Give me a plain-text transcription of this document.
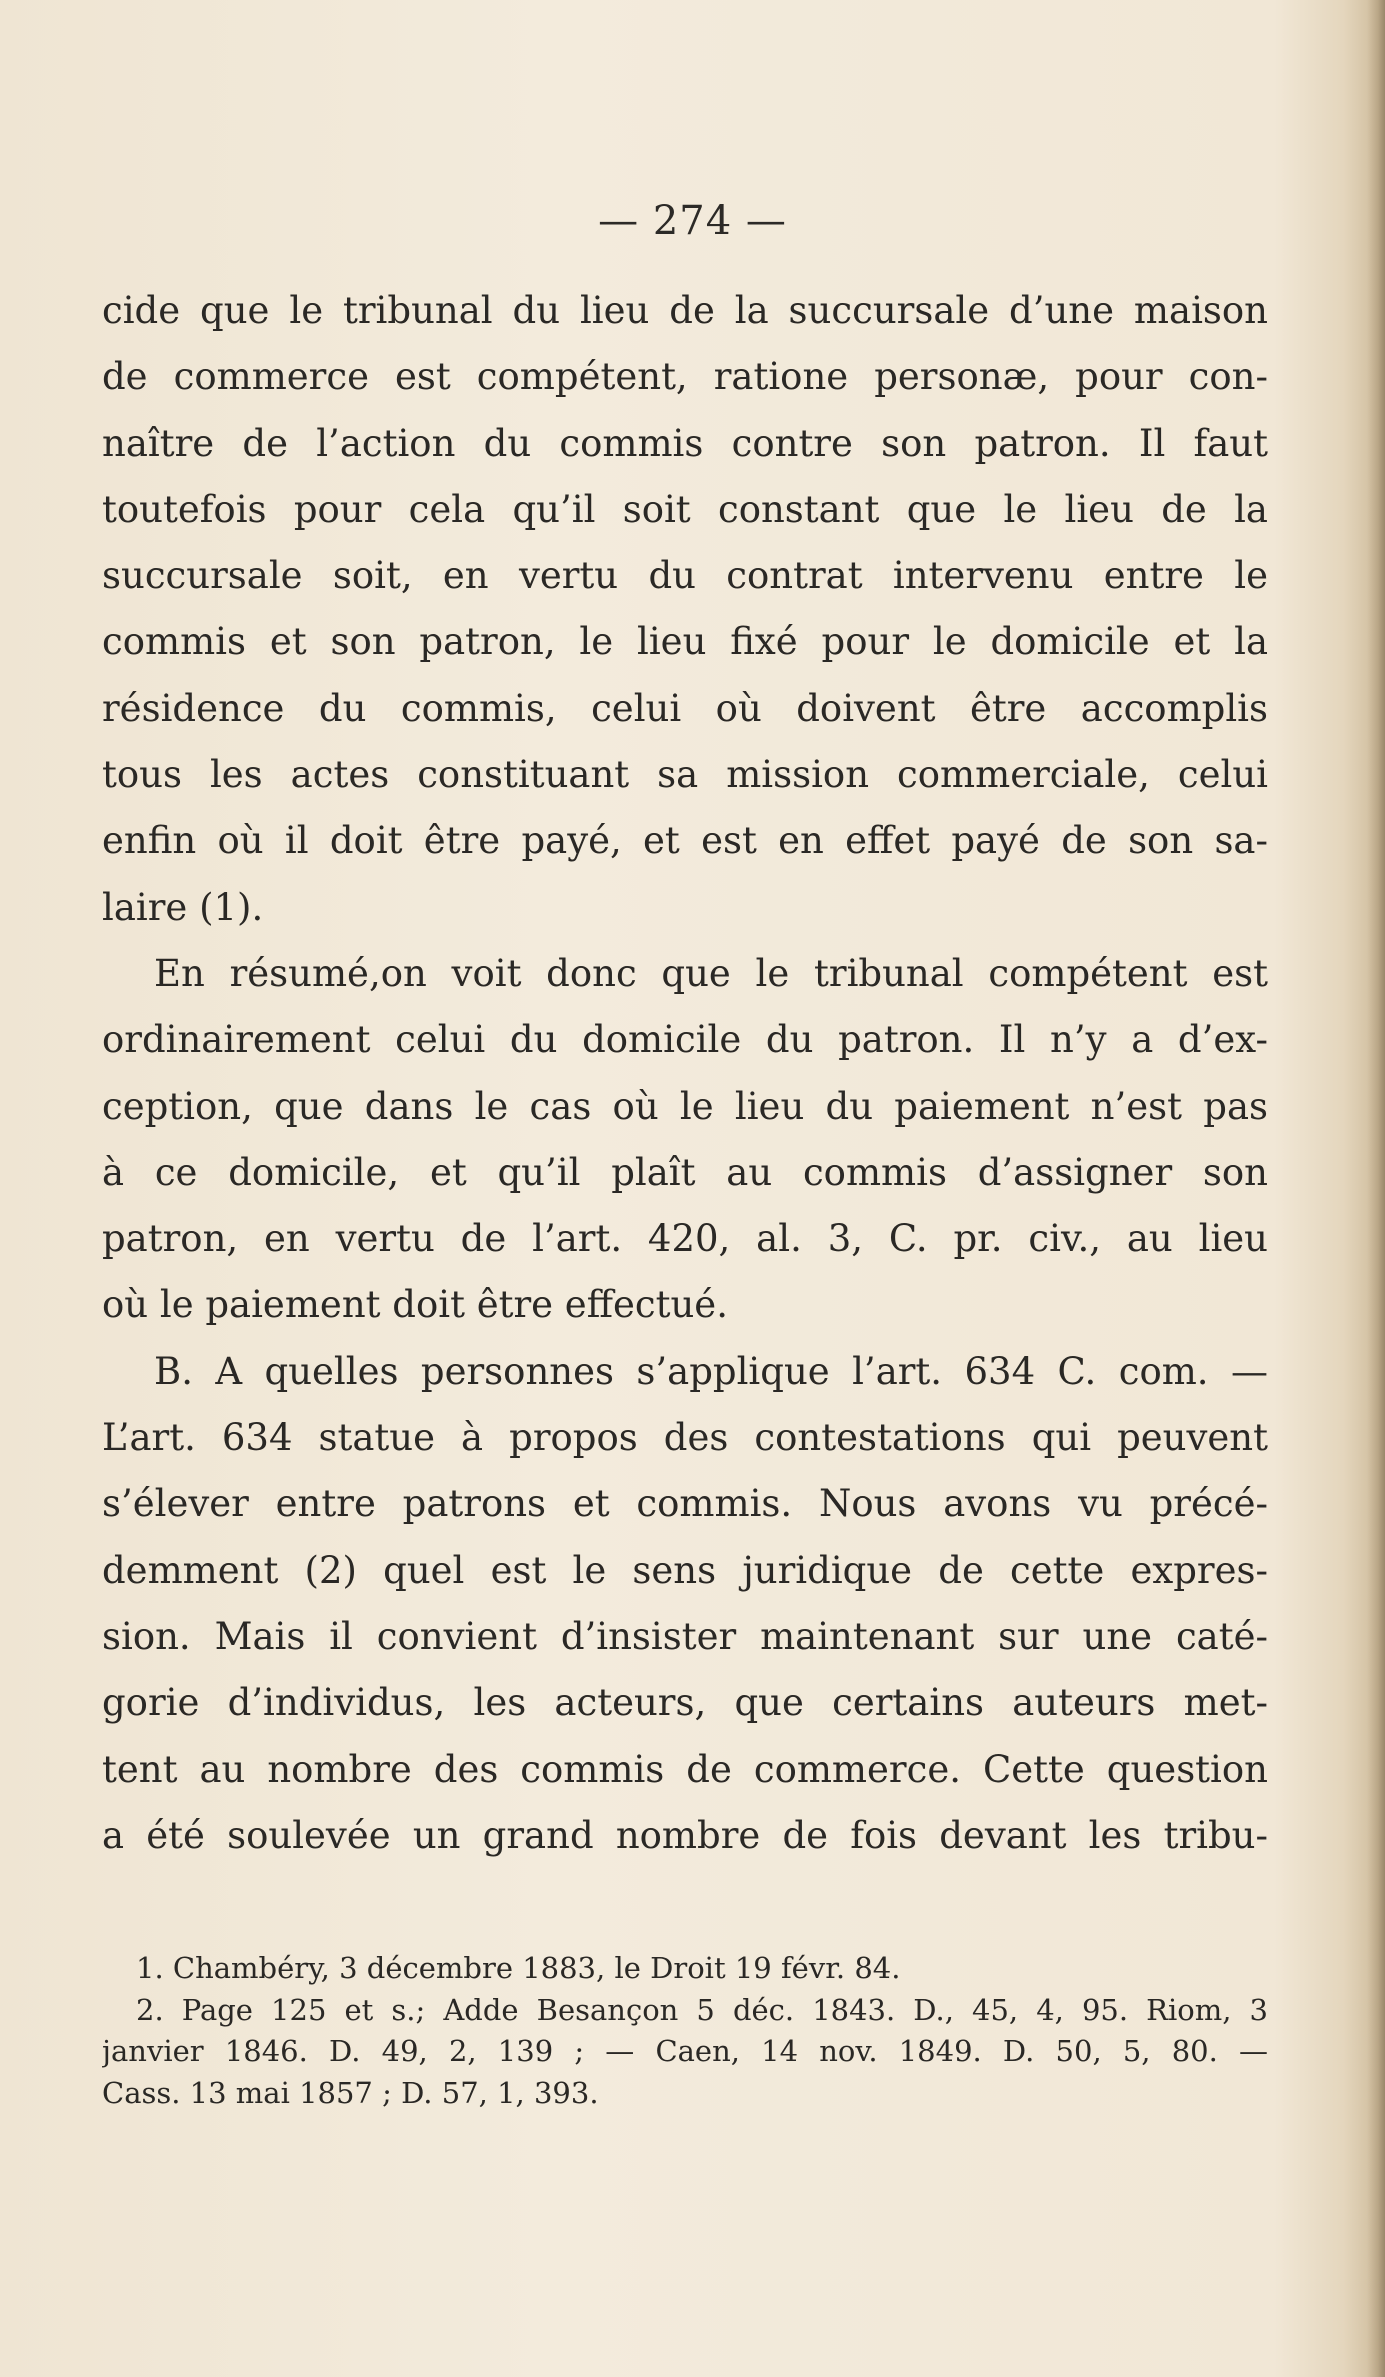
— 274 —
cide que le tribunal du lieu de la succursale d’une maison
de commerce est compétent, ratione personæ, pour con-
naître de l’action du commis contre son patron. Il faut
toutefois pour cela qu’il soit constant que le lieu de la
succursale soit, en vertu du contrat intervenu entre le
commis et son patron, le lieu fixé pour le domicile et la
résidence du commis, celui où doivent être accomplis
tous les actes constituant sa mission commerciale, celui
enfin où il doit être payé, et est en effet payé de son sa-
laire (1).
En résumé,on voit donc que le tribunal compétent est
ordinairement celui du domicile du patron. Il n’y a d’ex-
ception, que dans le cas où le lieu du paiement n’est pas
à ce domicile, et qu’il plaît au commis d’assigner son
patron, en vertu de l’art. 420, al. 3, C. pr. civ., au lieu
où le paiement doit être effectué.
B. A quelles personnes s’applique l’art. 634 C. com. —
L’art. 634 statue à propos des contestations qui peuvent
s’élever entre patrons et commis. Nous avons vu précé-
demment (2) quel est le sens juridique de cette expres-
sion. Mais il convient d’insister maintenant sur une caté-
gorie d’individus, les acteurs, que certains auteurs met-
tent au nombre des commis de commerce. Cette question
a été soulevée un grand nombre de fois devant les tribu-
1. Chambéry, 3 décembre 1883, le Droit 19 févr. 84.
2. Page 125 et s.; Adde Besançon 5 déc. 1843. D., 45, 4, 95. Riom, 3
janvier 1846. D. 49, 2, 139 ; — Caen, 14 nov. 1849. D. 50, 5, 80. —
Cass. 13 mai 1857 ; D. 57, 1, 393.
